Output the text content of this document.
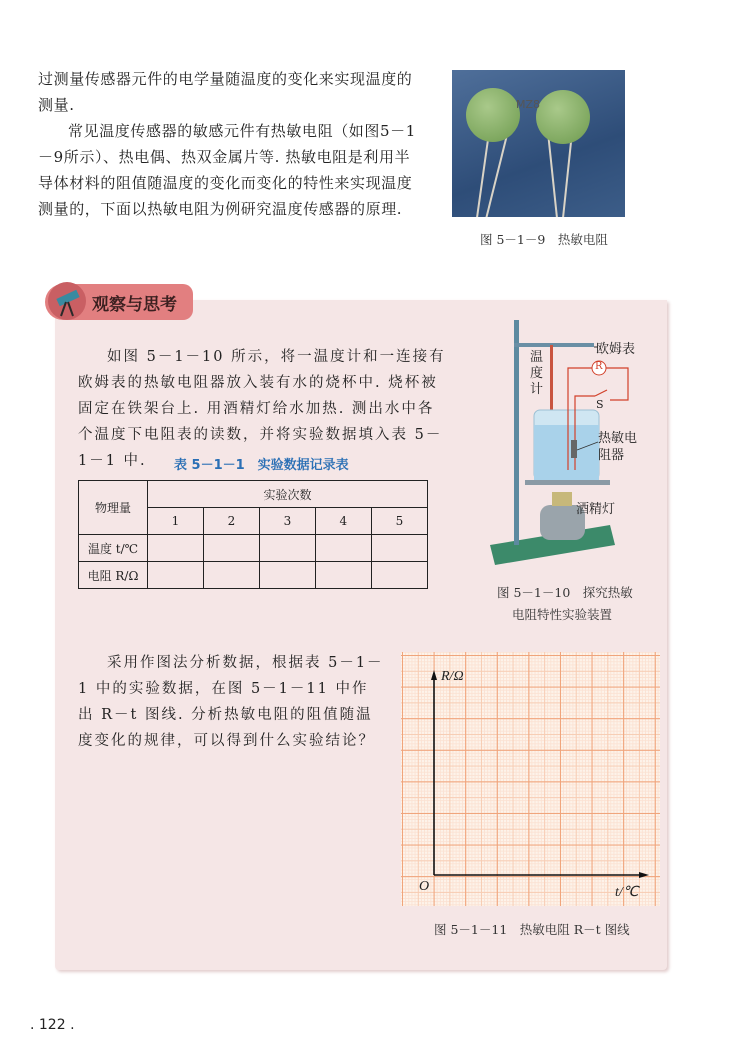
过测量传感器元件的电学量随温度的变化来实现温度的测量.

常见温度传感器的敏感元件有热敏电阻（如图5－1－9所示）、热电偶、热双金属片等. 热敏电阻是利用半导体材料的阻值随温度的变化而变化的特性来实现温度测量的，下面以热敏电阻为例研究温度传感器的原理.

MZ8
图 5－1－9　热敏电阻
观察与思考
如图 5－1－10 所示，将一温度计和一连接有欧姆表的热敏电阻器放入装有水的烧杯中. 烧杯被固定在铁架台上. 用酒精灯给水加热. 测出水中各个温度下电阻表的读数，并将实验数据填入表 5－1－1 中.	表 5－1－1　实验数据记录表
物理量	实验次数				
	1	2	3	4	5
温度 t/℃					
电阻 R/Ω					
欧姆表
温度计
R
S
热敏电阻器
酒精灯
图 5－1－10　探究热敏
电阻特性实验装置
采用作图法分析数据，根据表 5－1－1 中的实验数据，在图 5－1－11 中作出 R－t 图线. 分析热敏电阻的阻值随温度变化的规律，可以得到什么实验结论？
R/Ω
O	t/℃
图 5－1－11　热敏电阻 R－t 图线
. 122 .
